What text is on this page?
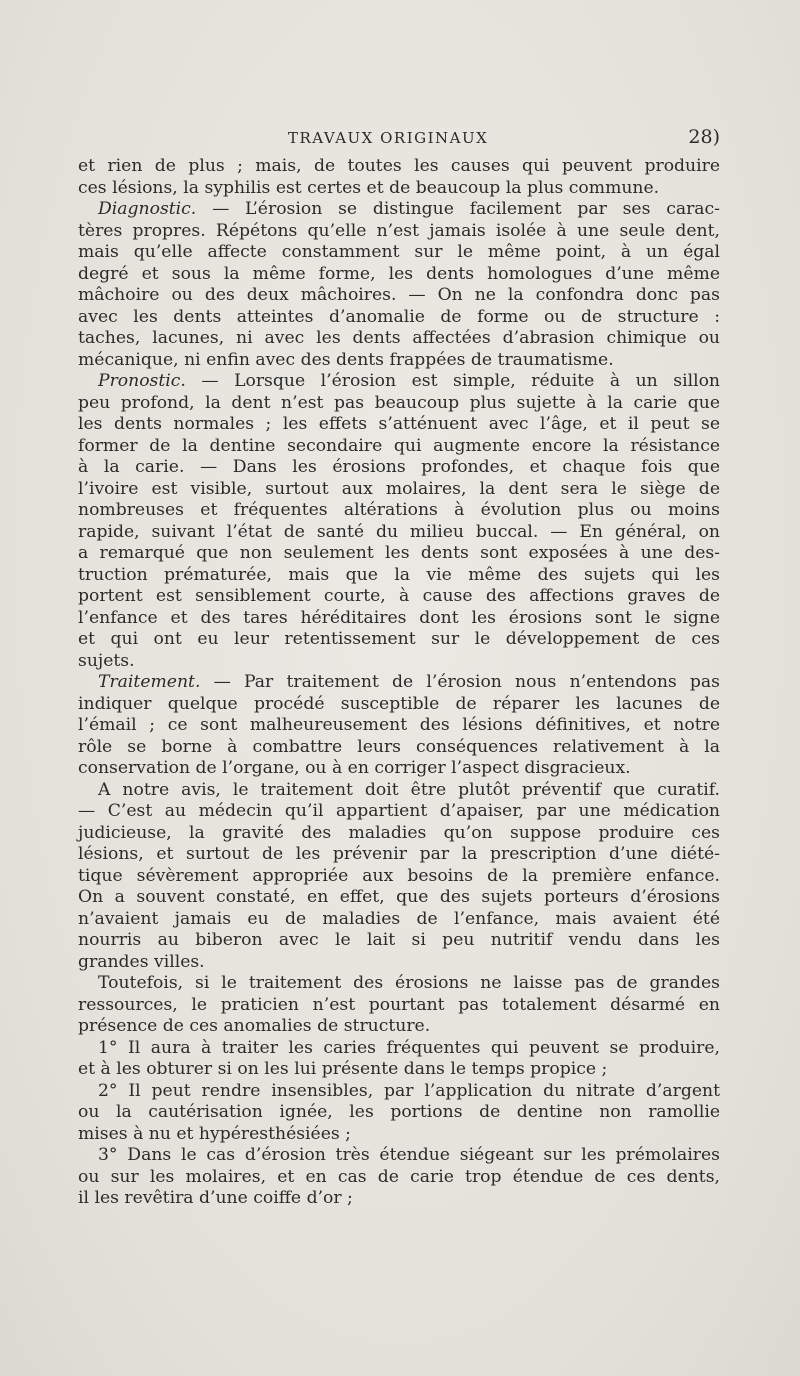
TRAVAUX ORIGINAUX	28)
et rien de plus ; mais, de toutes les causes qui peuvent produire
ces lésions, la syphilis est certes et de beaucoup la plus commune.
Diagnostic. — L’érosion se distingue facilement par ses carac-
tères propres. Répétons qu’elle n’est jamais isolée à une seule dent,
mais qu’elle affecte constamment sur le même point, à un égal
degré et sous la même forme, les dents homologues d’une même
mâchoire ou des deux mâchoires. — On ne la confondra donc pas
avec les dents atteintes d’anomalie de forme ou de structure :
taches, lacunes, ni avec les dents affectées d’abrasion chimique ou
mécanique, ni enfin avec des dents frappées de traumatisme.
Pronostic. — Lorsque l’érosion est simple, réduite à un sillon
peu profond, la dent n’est pas beaucoup plus sujette à la carie que
les dents normales ; les effets s’atténuent avec l’âge, et il peut se
former de la dentine secondaire qui augmente encore la résistance
à la carie. — Dans les érosions profondes, et chaque fois que
l’ivoire est visible, surtout aux molaires, la dent sera le siège de
nombreuses et fréquentes altérations à évolution plus ou moins
rapide, suivant l’état de santé du milieu buccal. — En général, on
a remarqué que non seulement les dents sont exposées à une des-
truction prématurée, mais que la vie même des sujets qui les
portent est sensiblement courte, à cause des affections graves de
l’enfance et des tares héréditaires dont les érosions sont le signe
et qui ont eu leur retentissement sur le développement de ces
sujets.
Traitement. — Par traitement de l’érosion nous n’entendons pas
indiquer quelque procédé susceptible de réparer les lacunes de
l’émail ; ce sont malheureusement des lésions définitives, et notre
rôle se borne à combattre leurs conséquences relativement à la
conservation de l’organe, ou à en corriger l’aspect disgracieux.
A notre avis, le traitement doit être plutôt préventif que curatif.
— C’est au médecin qu’il appartient d’apaiser, par une médication
judicieuse, la gravité des maladies qu’on suppose produire ces
lésions, et surtout de les prévenir par la prescription d’une diété-
tique sévèrement appropriée aux besoins de la première enfance.
On a souvent constaté, en effet, que des sujets porteurs d’érosions
n’avaient jamais eu de maladies de l’enfance, mais avaient été
nourris au biberon avec le lait si peu nutritif vendu dans les
grandes villes.
Toutefois, si le traitement des érosions ne laisse pas de grandes
ressources, le praticien n’est pourtant pas totalement désarmé en
présence de ces anomalies de structure.
1° Il aura à traiter les caries fréquentes qui peuvent se produire,
et à les obturer si on les lui présente dans le temps propice ;
2° Il peut rendre insensibles, par l’application du nitrate d’argent
ou la cautérisation ignée, les portions de dentine non ramollie
mises à nu et hypéresthésiées ;
3° Dans le cas d’érosion très étendue siégeant sur les prémolaires
ou sur les molaires, et en cas de carie trop étendue de ces dents,
il les revêtira d’une coiffe d’or ;
